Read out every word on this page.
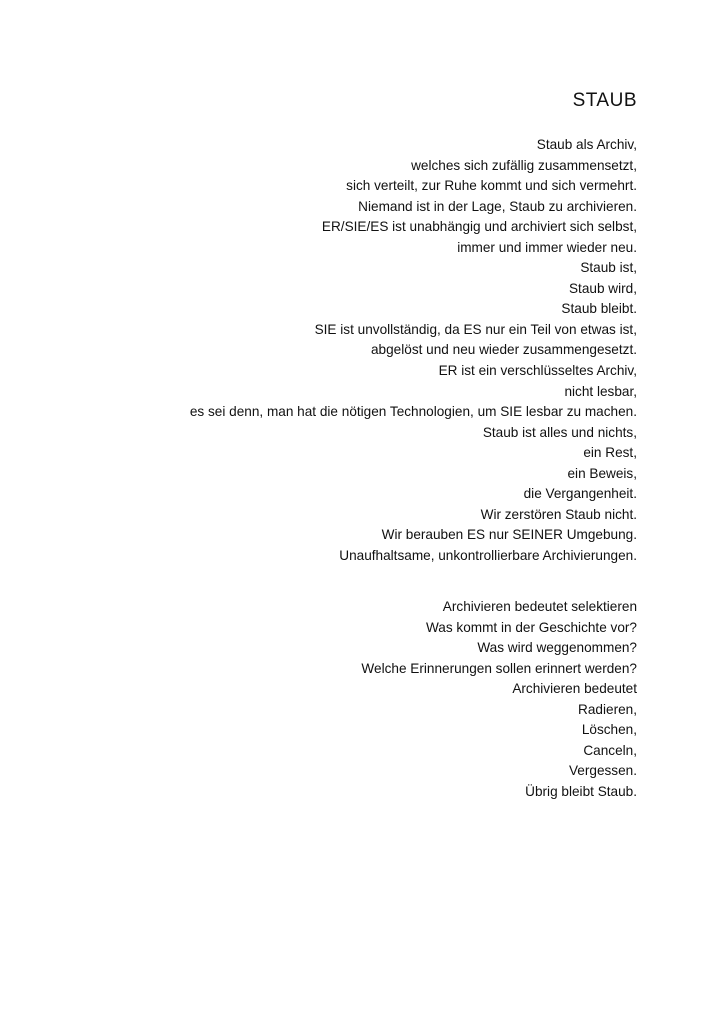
STAUB
Staub als Archiv,
welches sich zufällig zusammensetzt,
sich verteilt, zur Ruhe kommt und sich vermehrt.
Niemand ist in der Lage, Staub zu archivieren.
ER/SIE/ES ist unabhängig und archiviert sich selbst,
immer und immer wieder neu.
Staub ist,
Staub wird,
Staub bleibt.
SIE ist unvollständig, da ES nur ein Teil von etwas ist,
abgelöst und neu wieder zusammengesetzt.
ER ist ein verschlüsseltes Archiv,
nicht lesbar,
es sei denn, man hat die nötigen Technologien, um SIE lesbar zu machen.
Staub ist alles und nichts,
ein Rest,
ein Beweis,
die Vergangenheit.
Wir zerstören Staub nicht.
Wir berauben ES nur SEINER Umgebung.
Unaufhaltsame, unkontrollierbare Archivierungen.
Archivieren bedeutet selektieren
Was kommt in der Geschichte vor?
Was wird weggenommen?
Welche Erinnerungen sollen erinnert werden?
Archivieren bedeutet
Radieren,
Löschen,
Canceln,
Vergessen.
Übrig bleibt Staub.
